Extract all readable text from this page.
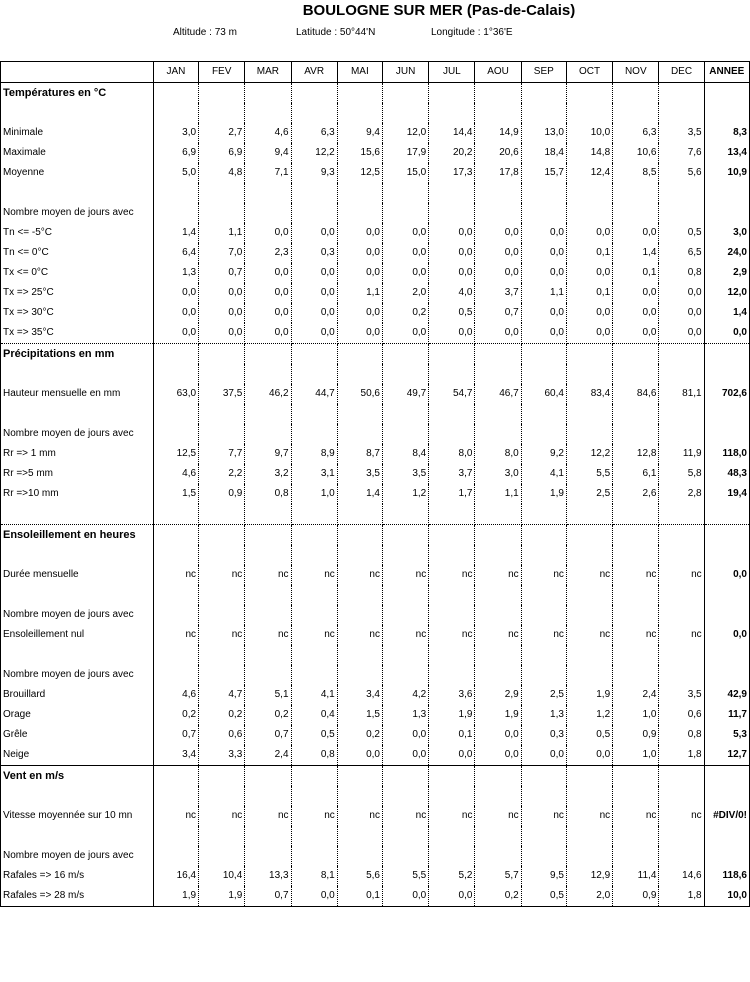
BOULOGNE SUR MER (Pas-de-Calais)
Altitude : 73 m	Latitude : 50°44'N	Longitude : 1°36'E
	JAN	FEV	MAR	AVR	MAI	JUN	JUL	AOU	SEP	OCT	NOV	DEC	ANNEE
Températures en °C													

Minimale	3,0	2,7	4,6	6,3	9,4	12,0	14,4	14,9	13,0	10,0	6,3	3,5	8,3
Maximale	6,9	6,9	9,4	12,2	15,6	17,9	20,2	20,6	18,4	14,8	10,6	7,6	13,4
Moyenne	5,0	4,8	7,1	9,3	12,5	15,0	17,3	17,8	15,7	12,4	8,5	5,6	10,9

Nombre moyen de jours avec													
Tn <= -5°C	1,4	1,1	0,0	0,0	0,0	0,0	0,0	0,0	0,0	0,0	0,0	0,5	3,0
Tn <= 0°C	6,4	7,0	2,3	0,3	0,0	0,0	0,0	0,0	0,0	0,1	1,4	6,5	24,0
Tx <= 0°C	1,3	0,7	0,0	0,0	0,0	0,0	0,0	0,0	0,0	0,0	0,1	0,8	2,9
Tx => 25°C	0,0	0,0	0,0	0,0	1,1	2,0	4,0	3,7	1,1	0,1	0,0	0,0	12,0
Tx => 30°C	0,0	0,0	0,0	0,0	0,0	0,2	0,5	0,7	0,0	0,0	0,0	0,0	1,4
Tx => 35°C	0,0	0,0	0,0	0,0	0,0	0,0	0,0	0,0	0,0	0,0	0,0	0,0	0,0
Précipitations en mm													

Hauteur mensuelle en mm	63,0	37,5	46,2	44,7	50,6	49,7	54,7	46,7	60,4	83,4	84,6	81,1	702,6

Nombre moyen de jours avec													
Rr => 1 mm	12,5	7,7	9,7	8,9	8,7	8,4	8,0	8,0	9,2	12,2	12,8	11,9	118,0
Rr =>5 mm	4,6	2,2	3,2	3,1	3,5	3,5	3,7	3,0	4,1	5,5	6,1	5,8	48,3
Rr =>10 mm	1,5	0,9	0,8	1,0	1,4	1,2	1,7	1,1	1,9	2,5	2,6	2,8	19,4

Ensoleillement en heures													

Durée mensuelle	nc	nc	nc	nc	nc	nc	nc	nc	nc	nc	nc	nc	0,0

Nombre moyen de jours avec													
Ensoleillement nul	nc	nc	nc	nc	nc	nc	nc	nc	nc	nc	nc	nc	0,0

Nombre moyen de jours avec													
Brouillard	4,6	4,7	5,1	4,1	3,4	4,2	3,6	2,9	2,5	1,9	2,4	3,5	42,9
Orage	0,2	0,2	0,2	0,4	1,5	1,3	1,9	1,9	1,3	1,2	1,0	0,6	11,7
Grêle	0,7	0,6	0,7	0,5	0,2	0,0	0,1	0,0	0,3	0,5	0,9	0,8	5,3
Neige	3,4	3,3	2,4	0,8	0,0	0,0	0,0	0,0	0,0	0,0	1,0	1,8	12,7
Vent en m/s													

Vitesse moyennée sur 10 mn	nc	nc	nc	nc	nc	nc	nc	nc	nc	nc	nc	nc	#DIV/0!

Nombre moyen de jours avec													
Rafales => 16 m/s	16,4	10,4	13,3	8,1	5,6	5,5	5,2	5,7	9,5	12,9	11,4	14,6	118,6
Rafales => 28 m/s	1,9	1,9	0,7	0,0	0,1	0,0	0,0	0,2	0,5	2,0	0,9	1,8	10,0
